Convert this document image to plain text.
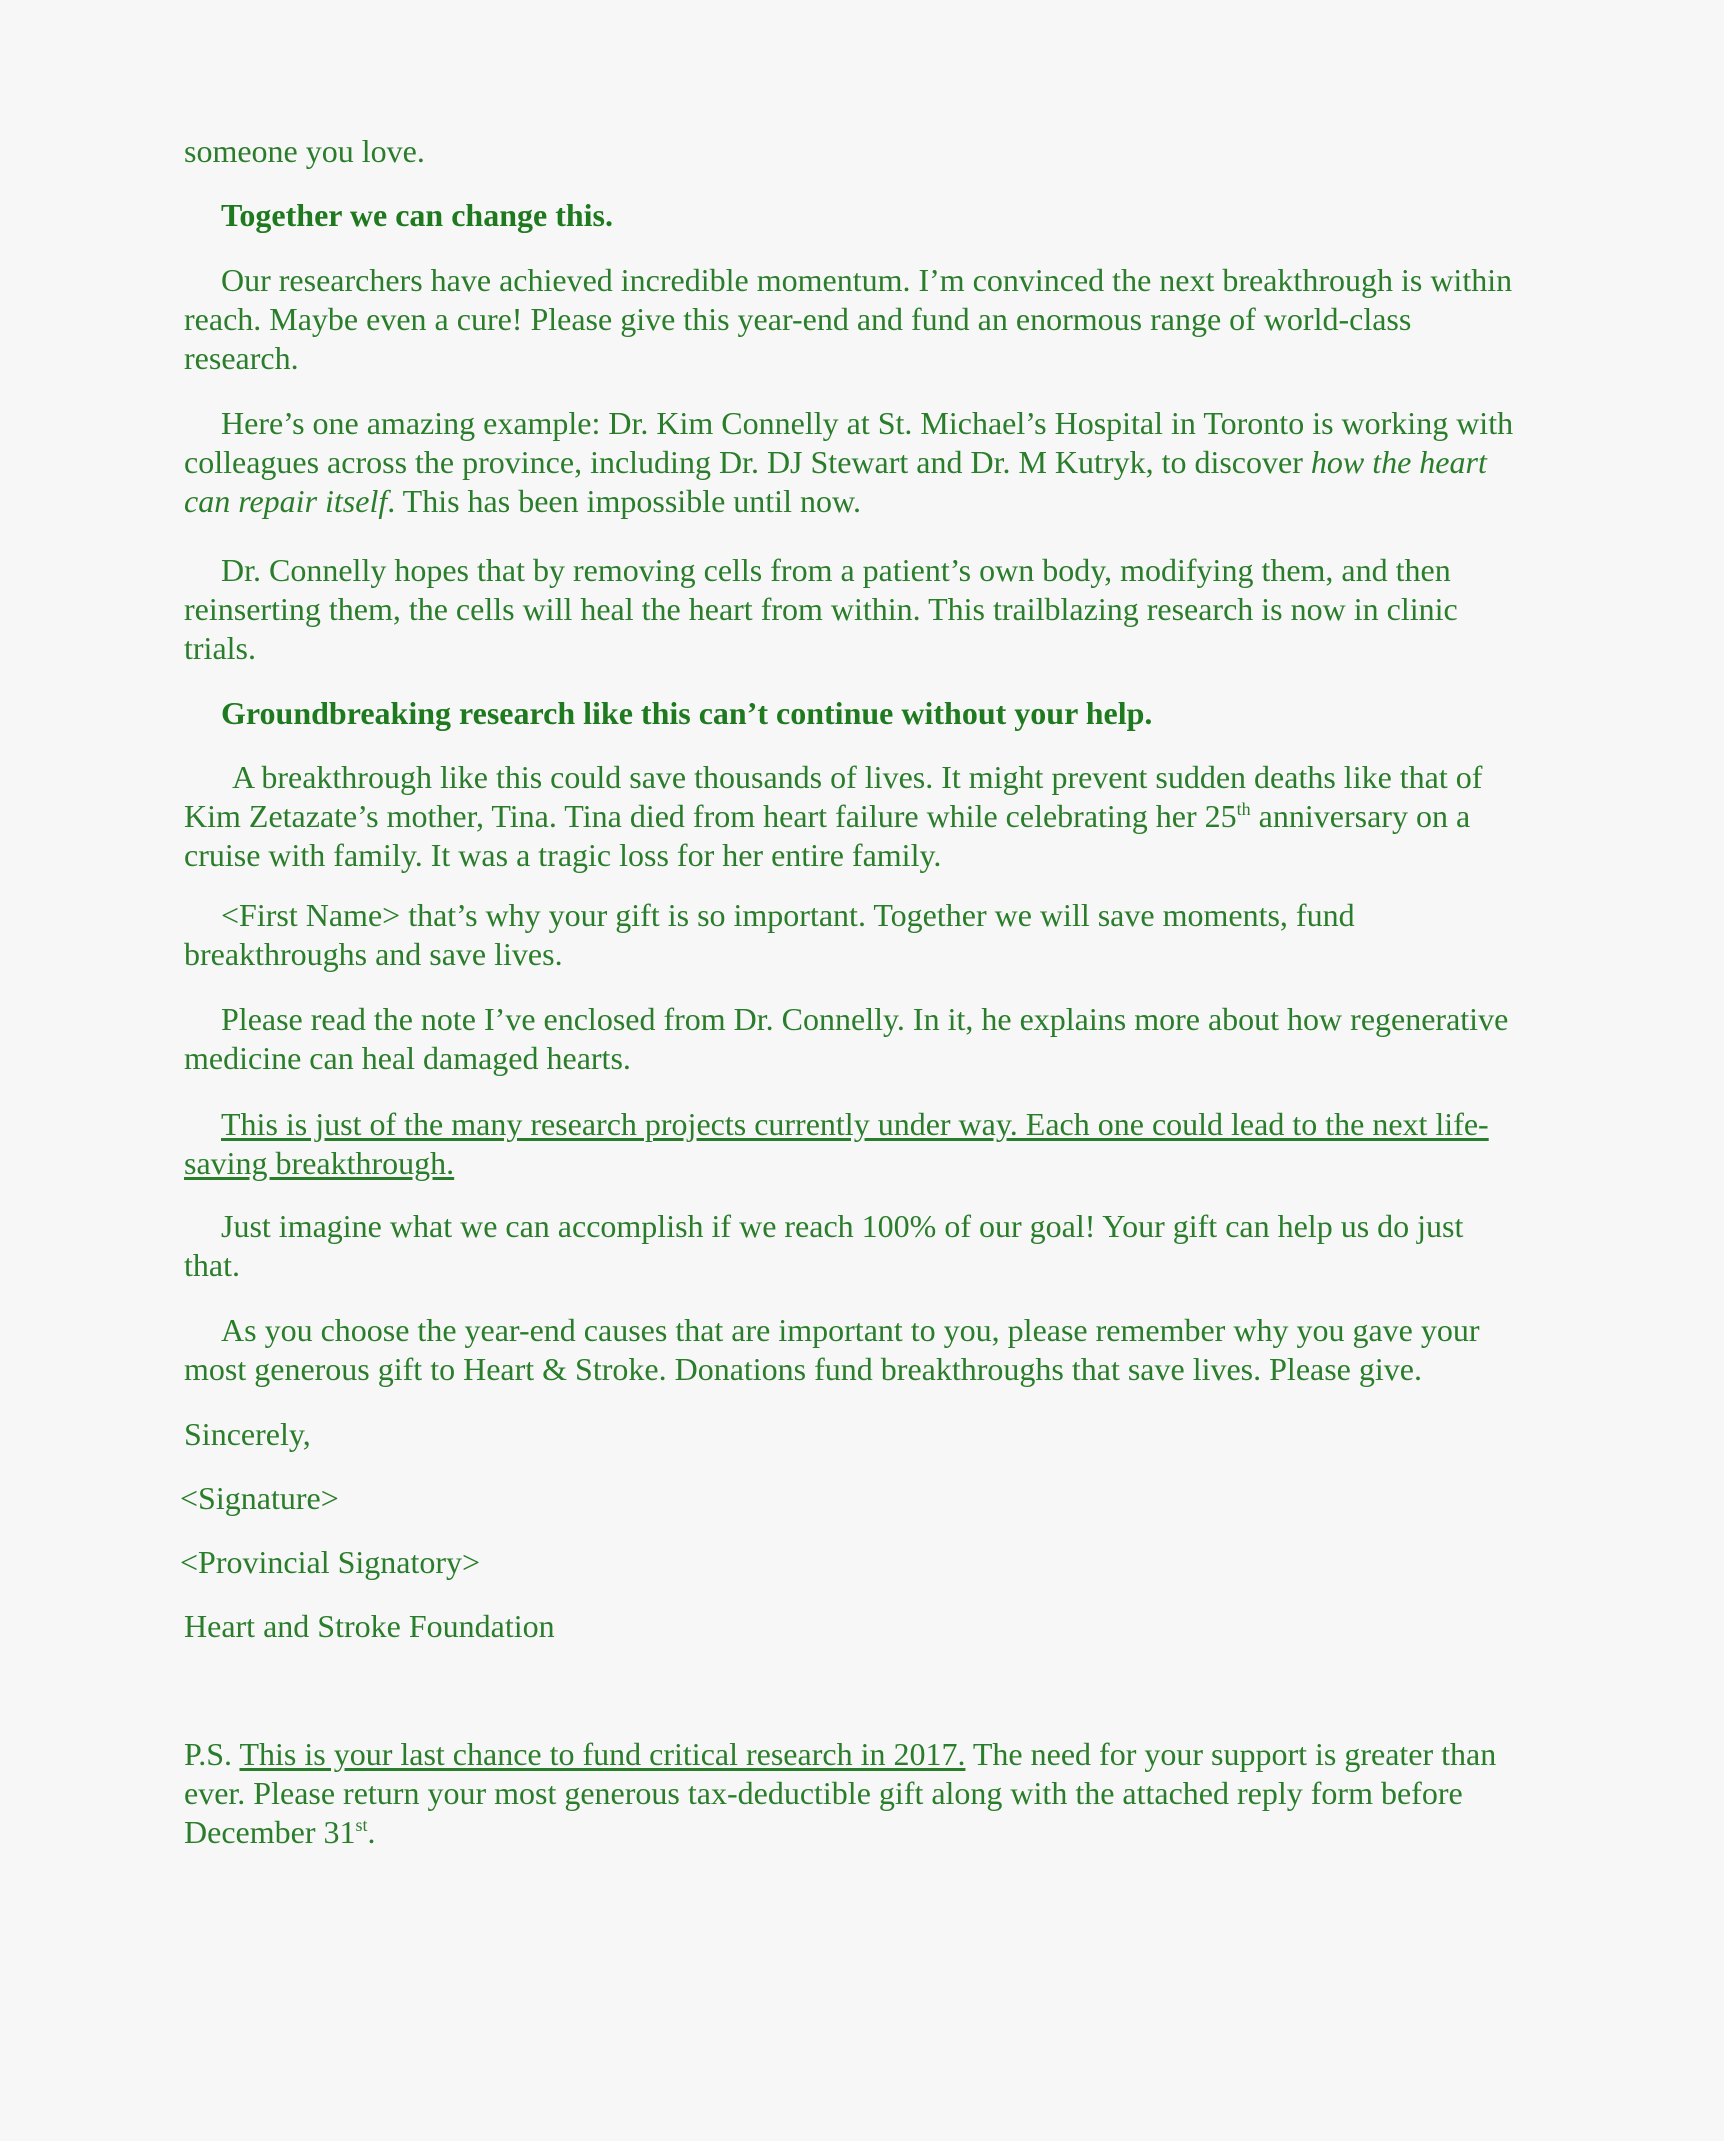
someone you love.

Together we can change this.

Our researchers have achieved incredible momentum. I’m convinced the next breakthrough is within reach. Maybe even a cure! Please give this year-end and fund an enormous range of world-class research.

Here’s one amazing example: Dr. Kim Connelly at St. Michael’s Hospital in Toronto is working with colleagues across the province, including Dr. DJ Stewart and Dr. M Kutryk, to discover how the heart can repair itself. This has been impossible until now.

Dr. Connelly hopes that by removing cells from a patient’s own body, modifying them, and then reinserting them, the cells will heal the heart from within. This trailblazing research is now in clinic trials.

Groundbreaking research like this can’t continue without your help.

A breakthrough like this could save thousands of lives. It might prevent sudden deaths like that of Kim Zetazate’s mother, Tina. Tina died from heart failure while celebrating her 25th anniversary on a cruise with family. It was a tragic loss for her entire family.

<First Name> that’s why your gift is so important. Together we will save moments, fund breakthroughs and save lives.

Please read the note I’ve enclosed from Dr. Connelly. In it, he explains more about how regenerative medicine can heal damaged hearts.

This is just of the many research projects currently under way. Each one could lead to the next life-saving breakthrough.

Just imagine what we can accomplish if we reach 100% of our goal! Your gift can help us do just that.

As you choose the year-end causes that are important to you, please remember why you gave your most generous gift to Heart & Stroke. Donations fund breakthroughs that save lives. Please give.

Sincerely,

<Signature>

<Provincial Signatory>

Heart and Stroke Foundation

P.S. This is your last chance to fund critical research in 2017. The need for your support is greater than ever. Please return your most generous tax-deductible gift along with the attached reply form before December 31st.
